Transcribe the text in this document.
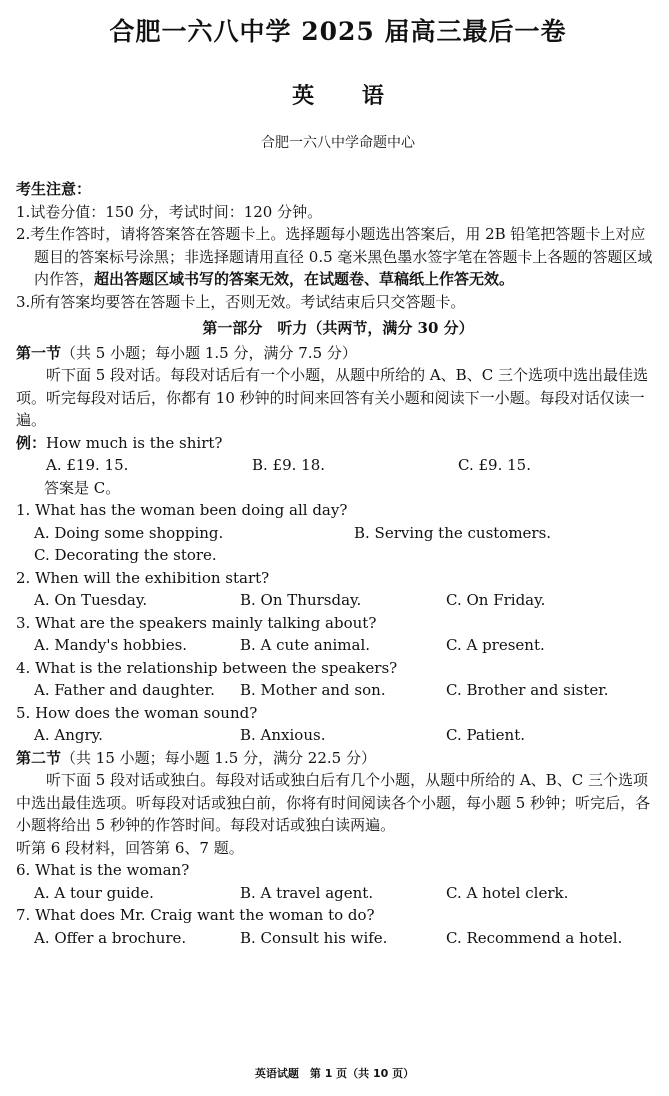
合肥一六八中学 2025 届高三最后一卷
英 语
合肥一六八中学命题中心
考生注意：

1.试卷分值：150 分，考试时间：120 分钟。

2.考生作答时，请将答案答在答题卡上。选择题每小题选出答案后，用 2B 铅笔把答题卡上对应题目的答案标号涂黑；非选择题请用直径 0.5 毫米黑色墨水签字笔在答题卡上各题的答题区域内作答，超出答题区域书写的答案无效，在试题卷、草稿纸上作答无效。

3.所有答案均要答在答题卡上，否则无效。考试结束后只交答题卡。

第一部分　听力（共两节，满分 30 分）
第一节（共 5 小题；每小题 1.5 分，满分 7.5 分）

听下面 5 段对话。每段对话后有一个小题，从题中所给的 A、B、C 三个选项中选出最佳选项。听完每段对话后，你都有 10 秒钟的时间来回答有关小题和阅读下一小题。每段对话仅读一遍。

例：How much is the shirt?

A. £19. 15.	B. £9. 18.	C. £9. 15.

答案是 C。

1. What has the woman been doing all day?

A. Doing some shopping.	B. Serving the customers.
C. Decorating the store.

2. When will the exhibition start?

A. On Tuesday.	B. On Thursday.	C. On Friday.

3. What are the speakers mainly talking about?

A. Mandy's hobbies.	B. A cute animal.	C. A present.

4. What is the relationship between the speakers?

A. Father and daughter.	B. Mother and son.	C. Brother and sister.

5. How does the woman sound?

A. Angry.	B. Anxious.	C. Patient.
第二节（共 15 小题；每小题 1.5 分，满分 22.5 分）

听下面 5 段对话或独白。每段对话或独白后有几个小题，从题中所给的 A、B、C 三个选项中选出最佳选项。听每段对话或独白前，你将有时间阅读各个小题，每小题 5 秒钟；听完后，各小题将给出 5 秒钟的作答时间。每段对话或独白读两遍。

听第 6 段材料，回答第 6、7 题。

6. What is the woman?

A. A tour guide.	B. A travel agent.	C. A hotel clerk.

7. What does Mr. Craig want the woman to do?

A. Offer a brochure.	B. Consult his wife.	C. Recommend a hotel.
英语试题　第 1 页（共 10 页）
